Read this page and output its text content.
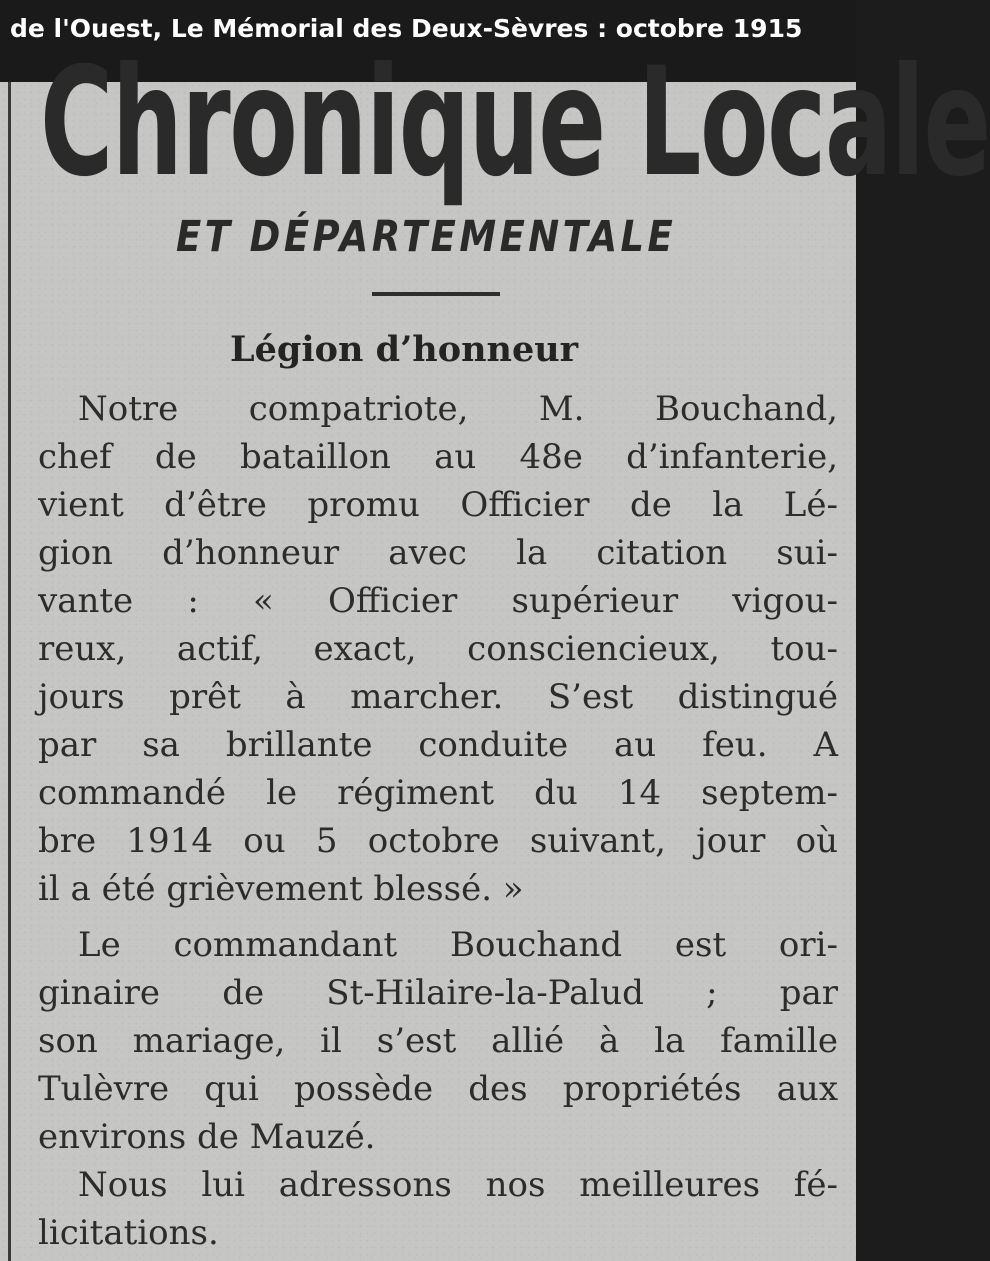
de l'Ouest, Le Mémorial des Deux-Sèvres : octobre 1915
Chronique Locale
ET DÉPARTEMENTALE
Légion d’honneur
Notre compatriote, M. Bouchand,
chef de bataillon au 48e d’infanterie,
vient d’être promu Officier de la Lé-
gion d’honneur avec la citation sui-
vante : « Officier supérieur vigou-
reux, actif, exact, consciencieux, tou-
jours prêt à marcher. S’est distingué
par sa brillante conduite au feu. A
commandé le régiment du 14 septem-
bre 1914 ou 5 octobre suivant, jour où
il a été grièvement blessé. »
Le commandant Bouchand est ori-
ginaire de St-Hilaire-la-Palud ; par
son mariage, il s’est allié à la famille
Tulèvre qui possède des propriétés aux
environs de Mauzé.
Nous lui adressons nos meilleures fé-
licitations.
